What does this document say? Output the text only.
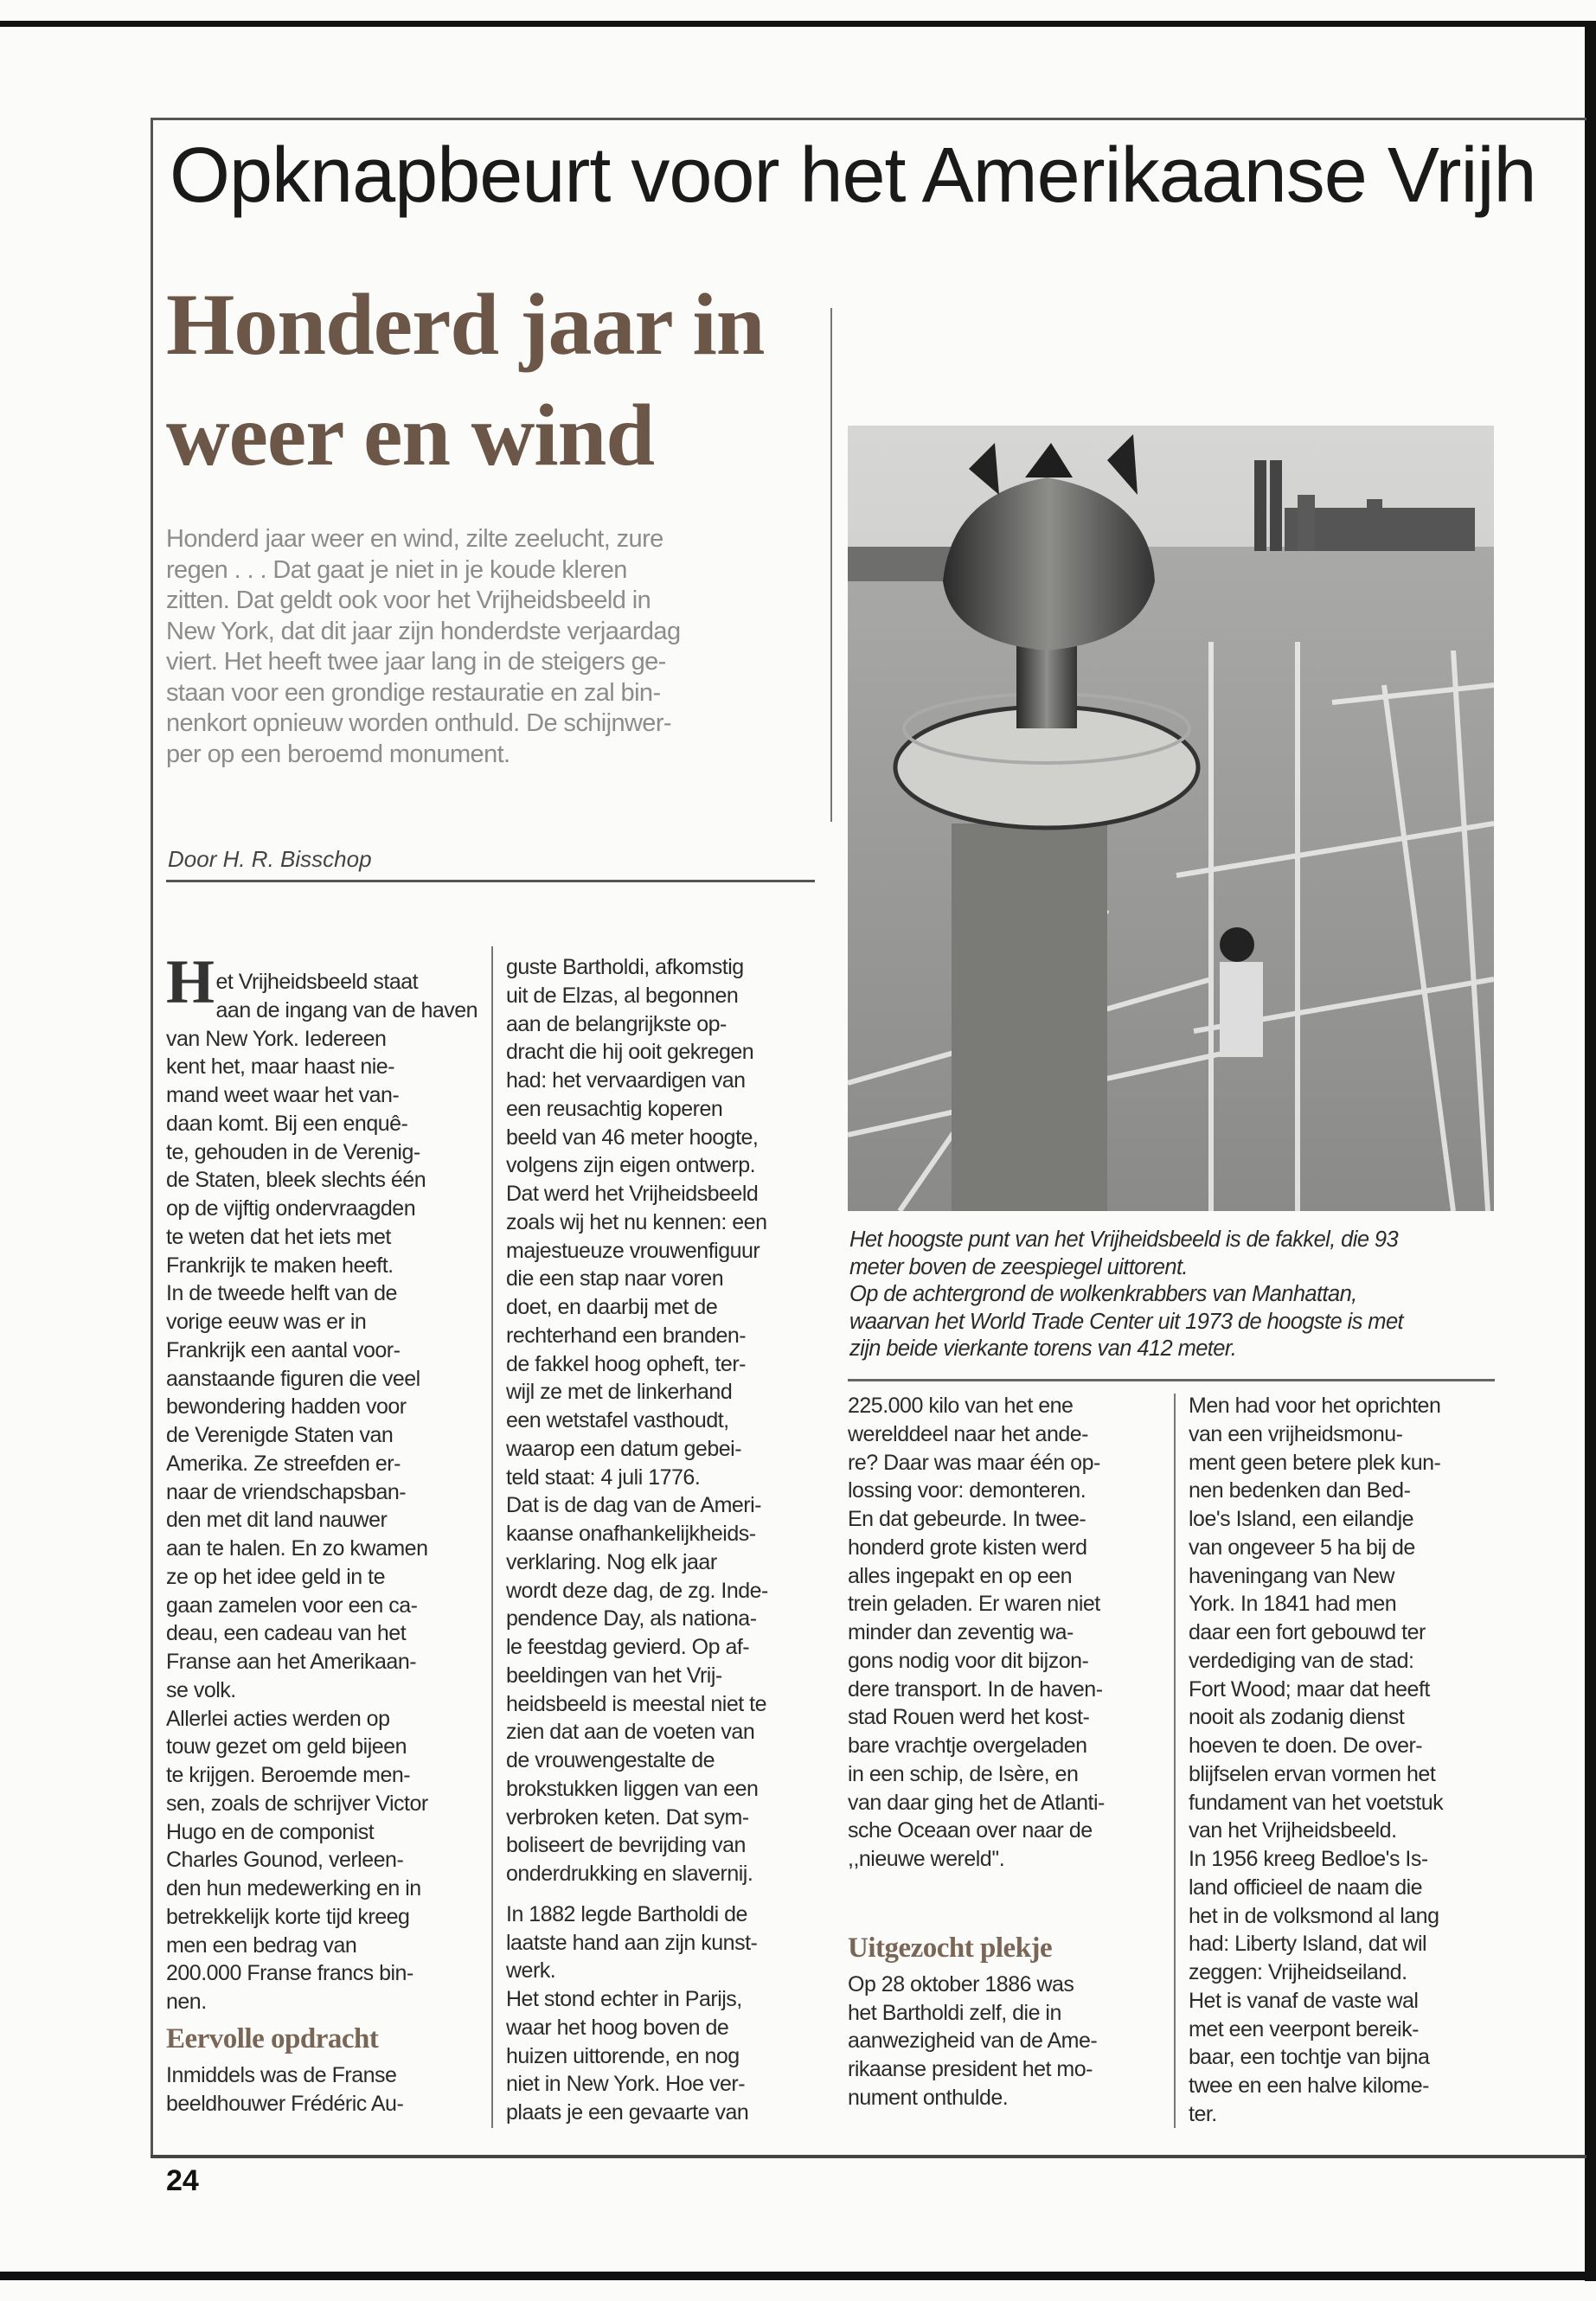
Opknapbeurt voor het Amerikaanse Vrijh
Honderd jaar in
weer en wind
Honderd jaar weer en wind, zilte zeelucht, zure
regen . . . Dat gaat je niet in je koude kleren
zitten. Dat geldt ook voor het Vrijheidsbeeld in
New York, dat dit jaar zijn honderdste verjaardag
viert. Het heeft twee jaar lang in de steigers ge-
staan voor een grondige restauratie en zal bin-
nenkort opnieuw worden onthuld. De schijnwer-
per op een beroemd monument.
Door H. R. Bisschop
Het hoogste punt van het Vrijheidsbeeld is de fakkel, die 93
meter boven de zeespiegel uittorent.
Op de achtergrond de wolkenkrabbers van Manhattan,
waarvan het World Trade Center uit 1973 de hoogste is met
zijn beide vierkante torens van 412 meter.
Het Vrijheidsbeeld staat
aan de ingang van de haven
van New York. Iedereen
kent het, maar haast nie-
mand weet waar het van-
daan komt. Bij een enquê-
te, gehouden in de Verenig-
de Staten, bleek slechts één
op de vijftig ondervraagden
te weten dat het iets met
Frankrijk te maken heeft.
In de tweede helft van de
vorige eeuw was er in
Frankrijk een aantal voor-
aanstaande figuren die veel
bewondering hadden voor
de Verenigde Staten van
Amerika. Ze streefden er-
naar de vriendschapsban-
den met dit land nauwer
aan te halen. En zo kwamen
ze op het idee geld in te
gaan zamelen voor een ca-
deau, een cadeau van het
Franse aan het Amerikaan-
se volk.
Allerlei acties werden op
touw gezet om geld bijeen
te krijgen. Beroemde men-
sen, zoals de schrijver Victor
Hugo en de componist
Charles Gounod, verleen-
den hun medewerking en in
betrekkelijk korte tijd kreeg
men een bedrag van
200.000 Franse francs bin-
nen.
Eervolle opdracht
Inmiddels was de Franse
beeldhouwer Frédéric Au-
guste Bartholdi, afkomstig
uit de Elzas, al begonnen
aan de belangrijkste op-
dracht die hij ooit gekregen
had: het vervaardigen van
een reusachtig koperen
beeld van 46 meter hoogte,
volgens zijn eigen ontwerp.
Dat werd het Vrijheidsbeeld
zoals wij het nu kennen: een
majestueuze vrouwenfiguur
die een stap naar voren
doet, en daarbij met de
rechterhand een branden-
de fakkel hoog opheft, ter-
wijl ze met de linkerhand
een wetstafel vasthoudt,
waarop een datum gebei-
teld staat: 4 juli 1776.
Dat is de dag van de Ameri-
kaanse onafhankelijkheids-
verklaring. Nog elk jaar
wordt deze dag, de zg. Inde-
pendence Day, als nationa-
le feestdag gevierd. Op af-
beeldingen van het Vrij-
heidsbeeld is meestal niet te
zien dat aan de voeten van
de vrouwengestalte de
brokstukken liggen van een
verbroken keten. Dat sym-
boliseert de bevrijding van
onderdrukking en slavernij.
In 1882 legde Bartholdi de
laatste hand aan zijn kunst-
werk.
Het stond echter in Parijs,
waar het hoog boven de
huizen uittorende, en nog
niet in New York. Hoe ver-
plaats je een gevaarte van
225.000 kilo van het ene
werelddeel naar het ande-
re? Daar was maar één op-
lossing voor: demonteren.
En dat gebeurde. In twee-
honderd grote kisten werd
alles ingepakt en op een
trein geladen. Er waren niet
minder dan zeventig wa-
gons nodig voor dit bijzon-
dere transport. In de haven-
stad Rouen werd het kost-
bare vrachtje overgeladen
in een schip, de Isère, en
van daar ging het de Atlanti-
sche Oceaan over naar de
,,nieuwe wereld''.
Uitgezocht plekje
Op 28 oktober 1886 was
het Bartholdi zelf, die in
aanwezigheid van de Ame-
rikaanse president het mo-
nument onthulde.
Men had voor het oprichten
van een vrijheidsmonu-
ment geen betere plek kun-
nen bedenken dan Bed-
loe's Island, een eilandje
van ongeveer 5 ha bij de
haveningang van New
York. In 1841 had men
daar een fort gebouwd ter
verdediging van de stad:
Fort Wood; maar dat heeft
nooit als zodanig dienst
hoeven te doen. De over-
blijfselen ervan vormen het
fundament van het voetstuk
van het Vrijheidsbeeld.
In 1956 kreeg Bedloe's Is-
land officieel de naam die
het in de volksmond al lang
had: Liberty Island, dat wil
zeggen: Vrijheidseiland.
Het is vanaf de vaste wal
met een veerpont bereik-
baar, een tochtje van bijna
twee en een halve kilome-
ter.
24
